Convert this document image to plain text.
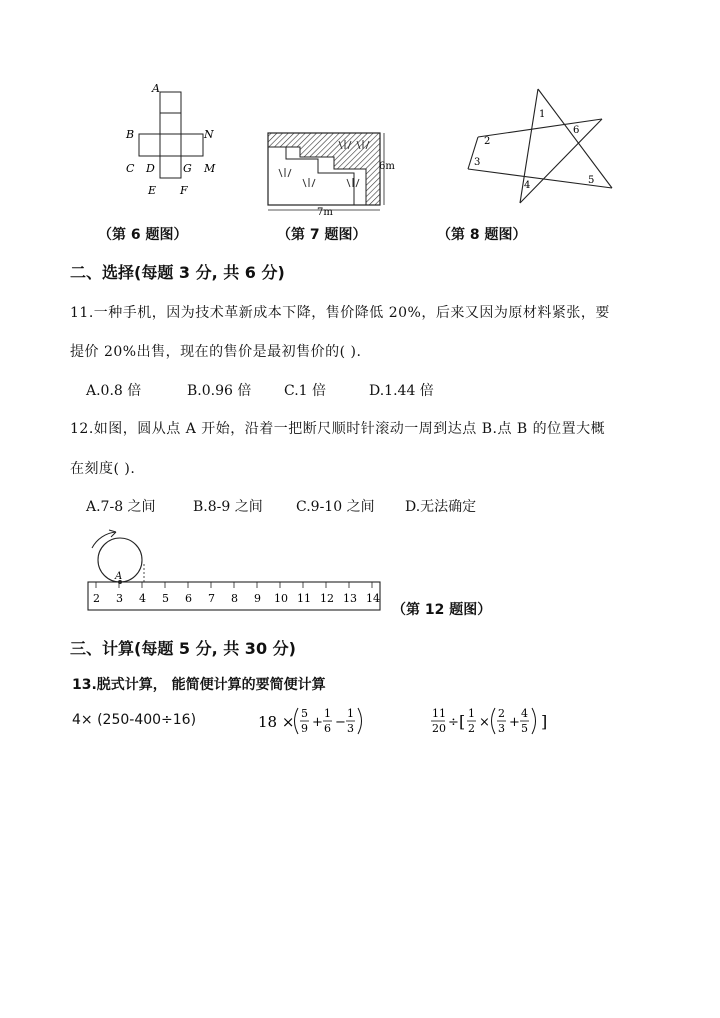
A
B	N
C D	G M
E F
6m
7m
1
2
3
4	5
6
（第 6 题图）	（第 7 题图）	（第 8 题图）
二、选择(每题 3 分, 共 6 分)
11.一种手机，因为技术革新成本下降，售价降低 20%，后来又因为原材料紧张，要
提价 20%出售，现在的售价是最初售价的( ).
A.0.8 倍	B.0.96 倍 C.1 倍	D.1.44 倍
12.如图，圆从点 A 开始，沿着一把断尺顺时针滚动一周到达点 B.点 B 的位置大概
在刻度( ).
A.7-8 之间	B.8-9 之间 C.9-10 之间 D.无法确定
A
2 3 4 5 6 7 8 9 10 11 12 13 14
（第 12 题图）
三、计算(每题 5 分, 共 30 分)
13.脱式计算， 能简便计算的要简便计算
4× (250-400÷16)	18 × 5
9 +
1
6 −
1
3
11
20 ÷ [ 1
2 ×
2
3 +
4
5 ]
